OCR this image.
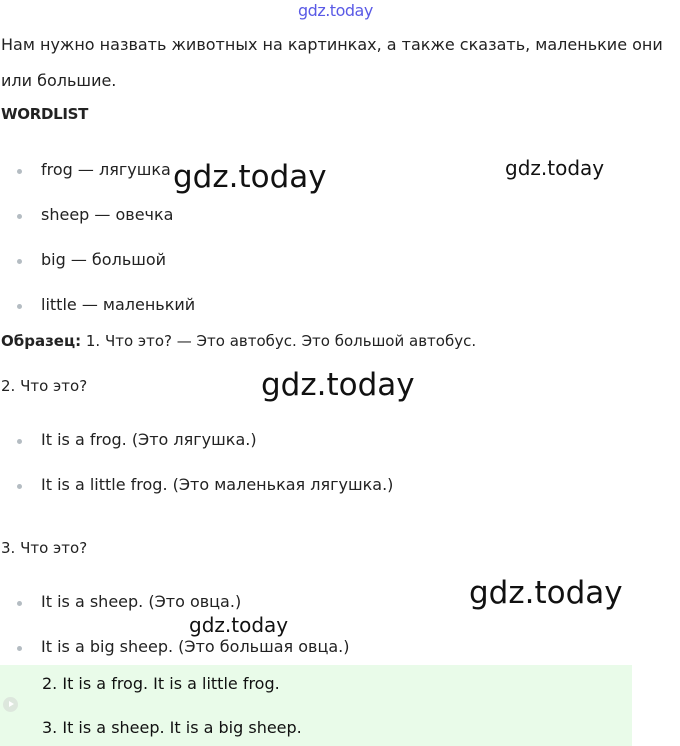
gdz.today
Нам нужно назвать животных на картинках, а также сказать, маленькие они
или большие.
WORDLIST
frog — лягушка
sheep — овечка
big — большой
little — маленький
Образец: 1. Что это? — Это автобус. Это большой автобус.
2. Что это?
It is a frog. (Это лягушка.)
It is a little frog. (Это маленькая лягушка.)
3. Что это?
It is a sheep. (Это овца.)
It is a big sheep. (Это большая овца.)
2. It is a frog. It is a little frog.
3. It is a sheep. It is a big sheep.
gdz.today	gdz.today
gdz.today
gdz.today
gdz.today
